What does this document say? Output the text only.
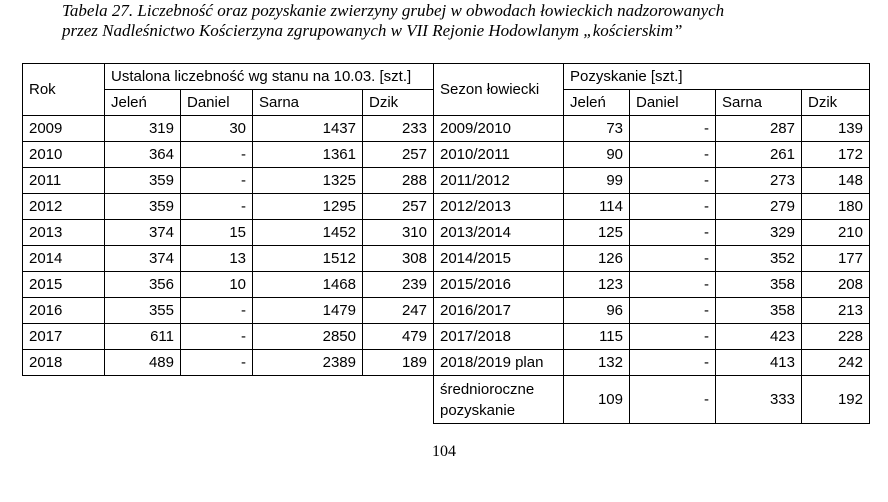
Tabela 27. Liczebność oraz pozyskanie zwierzyny grubej w obwodach łowieckich nadzorowanych
przez Nadleśnictwo Kościerzyna zgrupowanych w VII Rejonie Hodowlanym „kościerskim”
Rok	Ustalona liczebność wg stanu na 10.03. [szt.]				Sezon łowiecki	Pozyskanie [szt.]			
	Jeleń	Daniel	Sarna	Dzik		Jeleń	Daniel	Sarna	Dzik
2009	319	30	1437	233	2009/2010	73	-	287	139
2010	364	-	1361	257	2010/2011	90	-	261	172
2011	359	-	1325	288	2011/2012	99	-	273	148
2012	359	-	1295	257	2012/2013	114	-	279	180
2013	374	15	1452	310	2013/2014	125	-	329	210
2014	374	13	1512	308	2014/2015	126	-	352	177
2015	356	10	1468	239	2015/2016	123	-	358	208
2016	355	-	1479	247	2016/2017	96	-	358	213
2017	611	-	2850	479	2017/2018	115	-	423	228
2018	489	-	2389	189	2018/2019 plan	132	-	413	242

					średnioroczne
pozyskanie	109	-	333	192
104
